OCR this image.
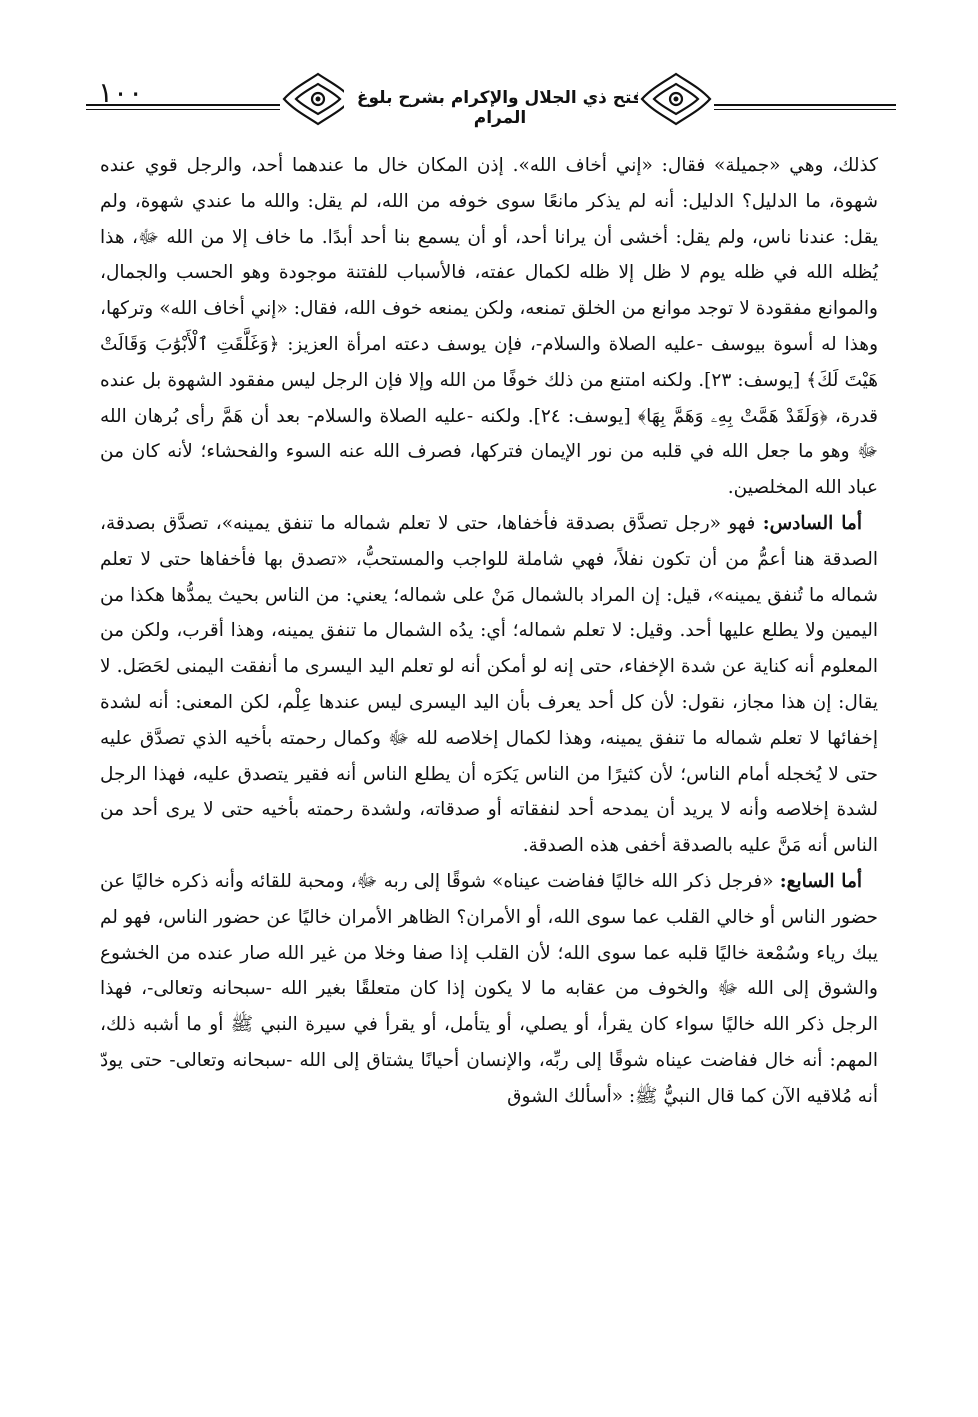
١٠٠	فتح ذي الجلال والإكرام بشرح بلوغ المرام

كذلك، وهي «جميلة» فقال: «إني أخاف الله». إذن المكان خال ما عندهما أحد، والرجل قوي عنده شهوة، ما الدليل؟ الدليل: أنه لم يذكر مانعًا سوى خوفه من الله، لم يقل: والله ما عندي شهوة، ولم يقل: عندنا ناس، ولم يقل: أخشى أن يرانا أحد، أو أن يسمع بنا أحد أبدًا. ما خاف إلا من الله ﷻ، هذا يُظله الله في ظله يوم لا ظل إلا ظله لكمال عفته، فالأسباب للفتنة موجودة وهو الحسب والجمال، والموانع مفقودة لا توجد موانع من الخلق تمنعه، ولكن يمنعه خوف الله، فقال: «إني أخاف الله» وتركها، وهذا له أسوة بيوسف -عليه الصلاة والسلام-، فإن يوسف دعته امرأة العزيز: ﴿وَغَلَّقَتِ ٱلْأَبْوَٰبَ وَقَالَتْ هَيْتَ لَكَ﴾ [يوسف: ٢٣]. ولكنه امتنع من ذلك خوفًا من الله وإلا فإن الرجل ليس مفقود الشهوة بل عنده قدرة، ﴿وَلَقَدْ هَمَّتْ بِهِۦ وَهَمَّ بِهَا﴾ [يوسف: ٢٤]. ولكنه -عليه الصلاة والسلام- بعد أن هَمَّ رأى بُرهان الله ﷻ وهو ما جعل الله في قلبه من نور الإيمان فتركها، فصرف الله عنه السوء والفحشاء؛ لأنه كان من عباد الله المخلصين.

أما السادس: فهو «رجل تصدَّق بصدقة فأخفاها، حتى لا تعلم شماله ما تنفق يمينه»، تصدَّق بصدقة، الصدقة هنا أعمُّ من أن تكون نفلاً، فهي شاملة للواجب والمستحبُّ، «تصدق بها فأخفاها حتى لا تعلم شماله ما تُنفق يمينه»، قيل: إن المراد بالشمال مَنْ على شماله؛ يعني: من الناس بحيث يمدُّها هكذا من اليمين ولا يطلع عليها أحد. وقيل: لا تعلم شماله؛ أي: يدُه الشمال ما تنفق يمينه، وهذا أقرب، ولكن من المعلوم أنه كناية عن شدة الإخفاء، حتى إنه لو أمكن أنه لو تعلم اليد اليسرى ما أنفقت اليمنى لحَصَل. لا يقال: إن هذا مجاز، نقول: لأن كل أحد يعرف بأن اليد اليسرى ليس عندها عِلْم، لكن المعنى: أنه لشدة إخفائها لا تعلم شماله ما تنفق يمينه، وهذا لكمال إخلاصه لله ﷻ وكمال رحمته بأخيه الذي تصدَّق عليه حتى لا يُخجله أمام الناس؛ لأن كثيرًا من الناس يَكرَه أن يطلع الناس أنه فقير يتصدق عليه، فهذا الرجل لشدة إخلاصه وأنه لا يريد أن يمدحه أحد لنفقاته أو صدقاته، ولشدة رحمته بأخيه حتى لا يرى أحد من الناس أنه مَنَّ عليه بالصدقة أخفى هذه الصدقة.

أما السابع: «فرجل ذكر الله خاليًا ففاضت عيناه» شوقًا إلى ربه ﷻ، ومحبة للقائه وأنه ذكره خاليًا عن حضور الناس أو خالي القلب عما سوى الله، أو الأمران؟ الظاهر الأمران خاليًا عن حضور الناس، فهو لم يبك رياء وسُمْعة خاليًا قلبه عما سوى الله؛ لأن القلب إذا صفا وخلا من غير الله صار عنده من الخشوع والشوق إلى الله ﷻ والخوف من عقابه ما لا يكون إذا كان متعلقًا بغير الله -سبحانه وتعالى-، فهذا الرجل ذكر الله خاليًا سواء كان يقرأ، أو يصلي، أو يتأمل، أو يقرأ في سيرة النبي ﷺ أو ما أشبه ذلك، المهم: أنه خال ففاضت عيناه شوقًا إلى ربِّه، والإنسان أحيانًا يشتاق إلى الله -سبحانه وتعالى- حتى يودّ أنه مُلاقيه الآن كما قال النبيُّ ﷺ: «أسألك الشوق
